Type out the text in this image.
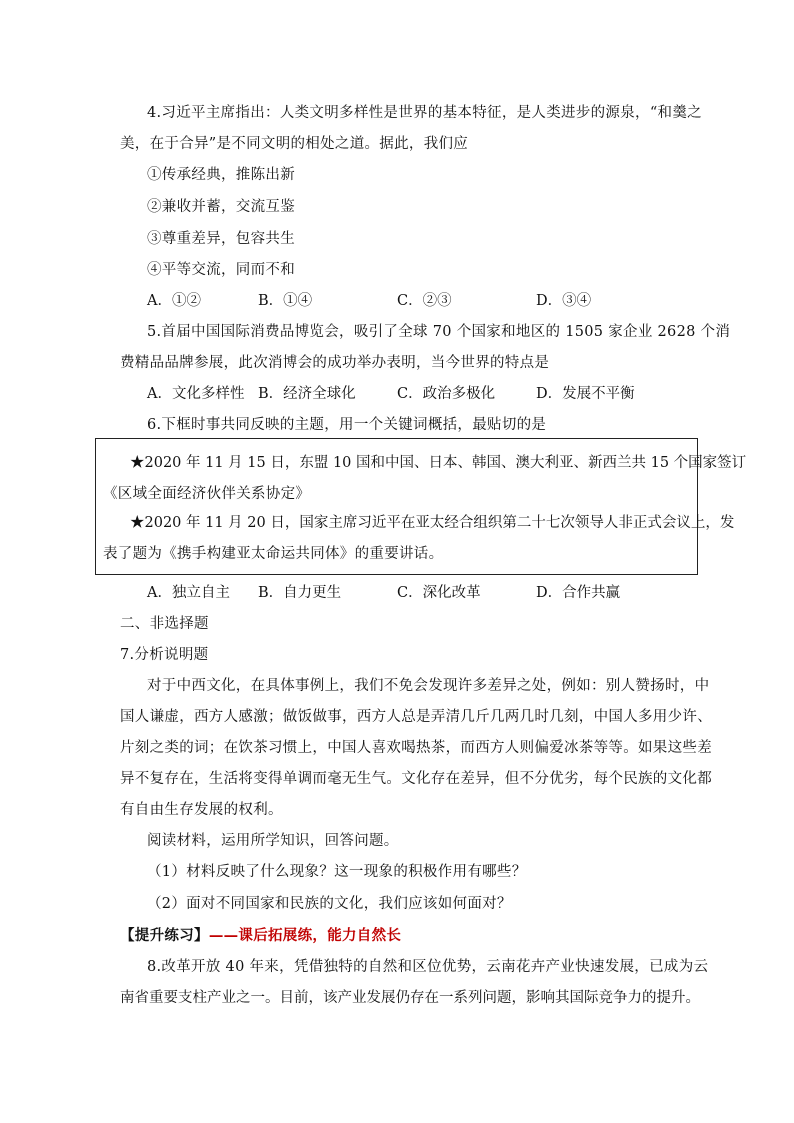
4.习近平主席指出：人类文明多样性是世界的基本特征，是人类进步的源泉，“和羹之
美，在于合异”是不同文明的相处之道。据此，我们应
①传承经典，推陈出新
②兼收并蓄，交流互鉴
③尊重差异，包容共生
④平等交流，同而不和
A．①②	B．①④	C．②③	D．③④
5.首届中国国际消费品博览会，吸引了全球 70 个国家和地区的 1505 家企业 2628 个消
费精品品牌参展，此次消博会的成功举办表明，当今世界的特点是
A．文化多样性 B．经济全球化	C．政治多极化	D．发展不平衡
6.下框时事共同反映的主题，用一个关键词概括，最贴切的是
★2020 年 11 月 15 日，东盟 10 国和中国、日本、韩国、澳大利亚、新西兰共 15 个国家签订
《区域全面经济伙伴关系协定》
★2020 年 11 月 20 日，国家主席习近平在亚太经合组织第二十七次领导人非正式会议上，发
表了题为《携手构建亚太命运共同体》的重要讲话。
A．独立自主 B．自力更生	C．深化改革	D．合作共赢
二、非选择题
7.分析说明题
对于中西文化，在具体事例上，我们不免会发现许多差异之处，例如：别人赞扬时，中
国人谦虚，西方人感激；做饭做事，西方人总是弄清几斤几两几时几刻，中国人多用少许、
片刻之类的词；在饮茶习惯上，中国人喜欢喝热茶，而西方人则偏爱冰茶等等。如果这些差
异不复存在，生活将变得单调而毫无生气。文化存在差异，但不分优劣，每个民族的文化都
有自由生存发展的权利。
阅读材料，运用所学知识，回答问题。
（1）材料反映了什么现象？这一现象的积极作用有哪些？
（2）面对不同国家和民族的文化，我们应该如何面对？
【提升练习】——课后拓展练，能力自然长
8.改革开放 40 年来，凭借独特的自然和区位优势，云南花卉产业快速发展，已成为云
南省重要支柱产业之一。目前，该产业发展仍存在一系列问题，影响其国际竞争力的提升。
